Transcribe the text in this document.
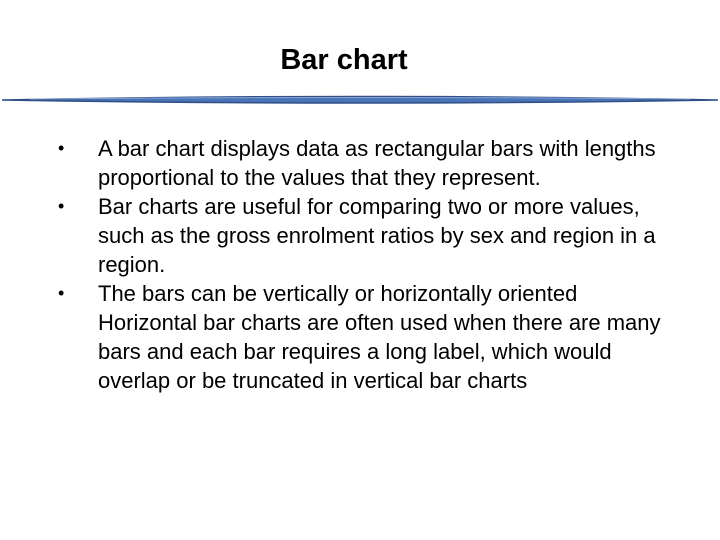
Bar chart
•	A bar chart displays data as rectangular bars with lengths proportional to the values that they represent.
•	Bar charts are useful for comparing two or more values, such as the gross enrolment ratios by sex and region in a region.
•	The bars can be vertically or horizontally oriented Horizontal bar charts are often used when there are many bars and each bar requires a long label, which would overlap or be truncated in vertical bar charts
